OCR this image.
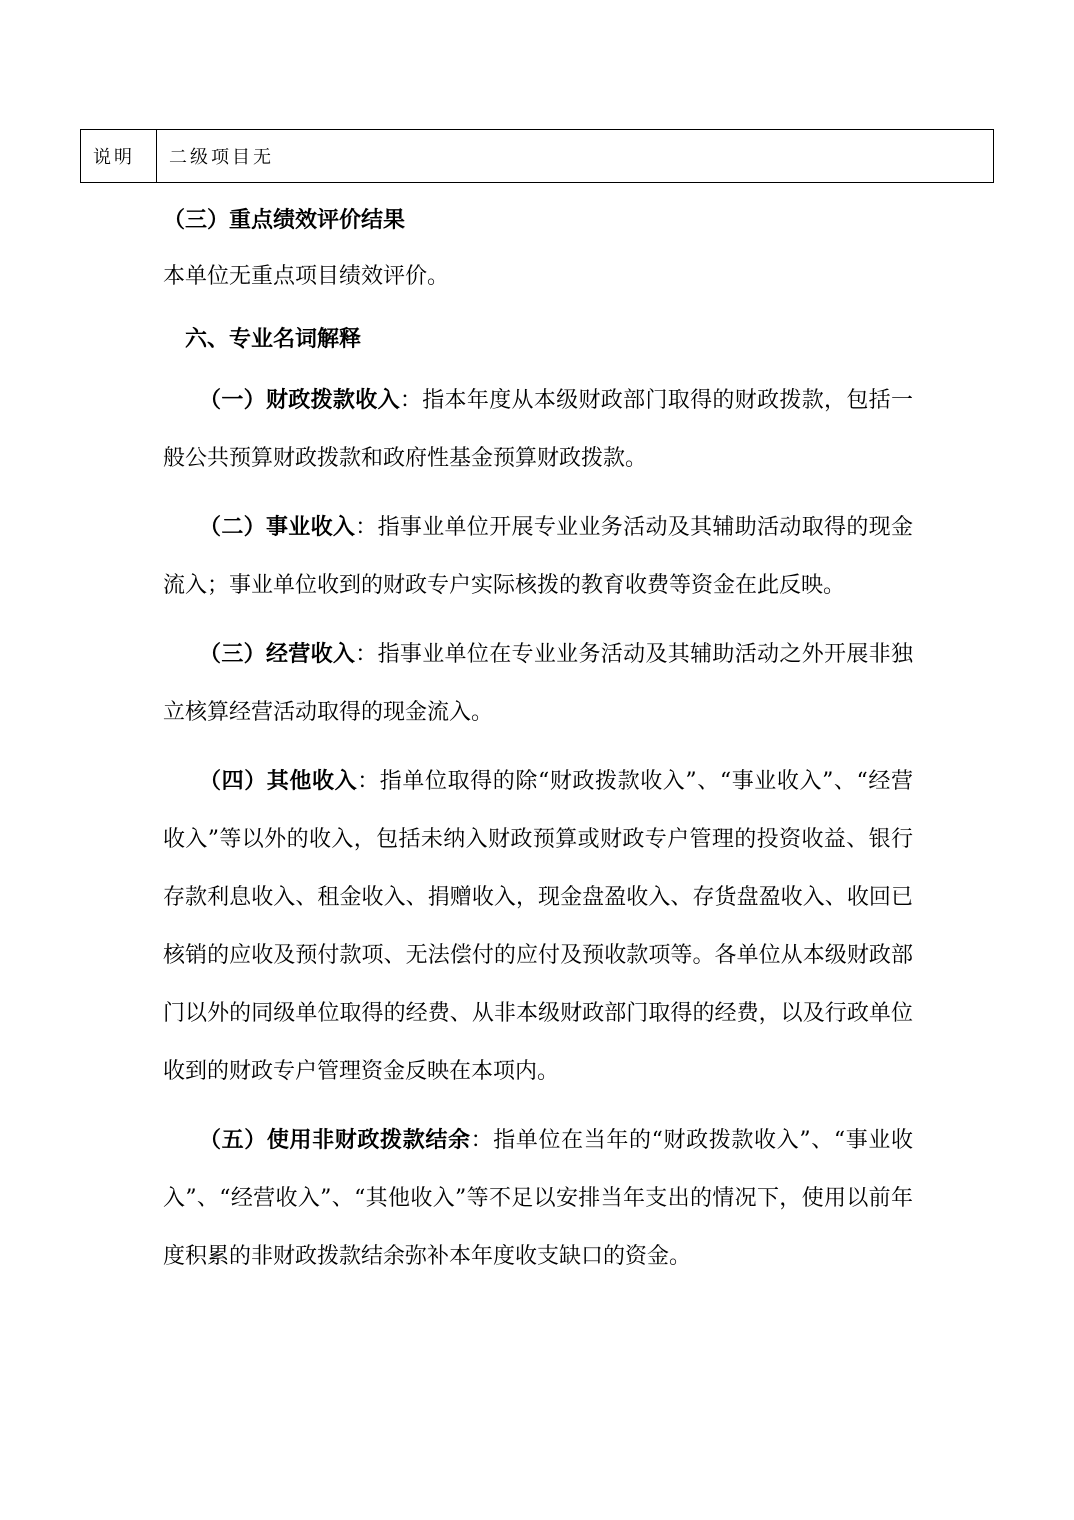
说明	二级项目无
（三）重点绩效评价结果

本单位无重点项目绩效评价。

六、专业名词解释

（一）财政拨款收入：指本年度从本级财政部门取得的财政拨款，包括一般公共预算财政拨款和政府性基金预算财政拨款。

（二）事业收入：指事业单位开展专业业务活动及其辅助活动取得的现金流入；事业单位收到的财政专户实际核拨的教育收费等资金在此反映。

（三）经营收入：指事业单位在专业业务活动及其辅助活动之外开展非独立核算经营活动取得的现金流入。

（四）其他收入：指单位取得的除“财政拨款收入”、“事业收入”、“经营收入”等以外的收入，包括未纳入财政预算或财政专户管理的投资收益、银行存款利息收入、租金收入、捐赠收入，现金盘盈收入、存货盘盈收入、收回已核销的应收及预付款项、无法偿付的应付及预收款项等。各单位从本级财政部门以外的同级单位取得的经费、从非本级财政部门取得的经费，以及行政单位收到的财政专户管理资金反映在本项内。

（五）使用非财政拨款结余：指单位在当年的“财政拨款收入”、“事业收入”、“经营收入”、“其他收入”等不足以安排当年支出的情况下，使用以前年度积累的非财政拨款结余弥补本年度收支缺口的资金。
